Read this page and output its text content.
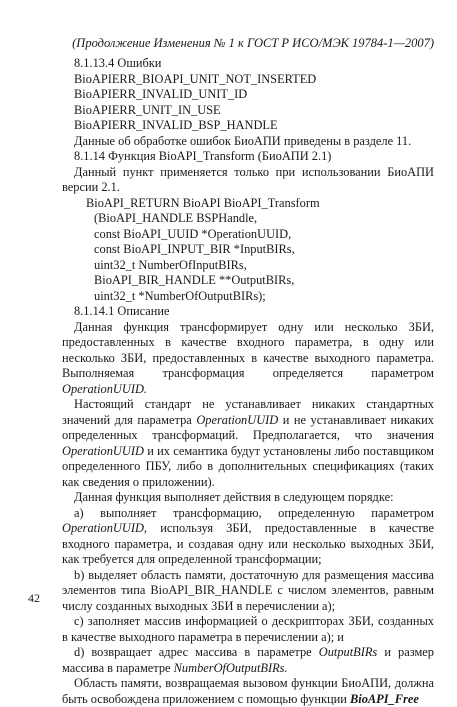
(Продолжение Изменения № 1 к ГОСТ Р ИСО/МЭК 19784-1—2007)
8.1.13.4 Ошибки
BioAPIERR_BIOAPI_UNIT_NOT_INSERTED
BioAPIERR_INVALID_UNIT_ID
BioAPIERR_UNIT_IN_USE
BioAPIERR_INVALID_BSP_HANDLE
Данные об обработке ошибок БиоАПИ приведены в разделе 11.
8.1.14 Функция BioAPI_Transform (БиоАПИ 2.1)
Данный пункт применяется только при использовании БиоАПИ версии 2.1.
BioAPI_RETURN BioAPI BioAPI_Transform
(BioAPI_HANDLE BSPHandle,
const BioAPI_UUID *OperationUUID,
const BioAPI_INPUT_BIR *InputBIRs,
uint32_t NumberOfInputBIRs,
BioAPI_BIR_HANDLE **OutputBIRs,
uint32_t *NumberOfOutputBIRs);
8.1.14.1 Описание
Данная функция трансформирует одну или несколько ЗБИ, предоставленных в качестве входного параметра, в одну или несколько ЗБИ, предоставленных в качестве выходного параметра. Выполняемая трансформация определяется параметром OperationUUID.
Настоящий стандарт не устанавливает никаких стандартных значений для параметра OperationUUID и не устанавливает никаких определенных трансформаций. Предполагается, что значения OperationUUID и их семантика будут установлены либо поставщиком определенного ПБУ, либо в дополнительных спецификациях (таких как сведения о приложении).
Данная функция выполняет действия в следующем порядке:
а) выполняет трансформацию, определенную параметром OperationUUID, используя ЗБИ, предоставленные в качестве входного параметра, и создавая одну или несколько выходных ЗБИ, как требуется для определенной трансформации;
b) выделяет область памяти, достаточную для размещения массива элементов типа BioAPI_BIR_HANDLE с числом элементов, равным числу созданных выходных ЗБИ в перечислении а);
с) заполняет массив информацией о дескрипторах ЗБИ, созданных в качестве выходного параметра в перечислении а); и
d) возвращает адрес массива в параметре OutputBIRs и размер массива в параметре NumberOfOutputBIRs.
Область памяти, возвращаемая вызовом функции БиоАПИ, должна быть освобождена приложением с помощью функции BioAPI_Free
42
